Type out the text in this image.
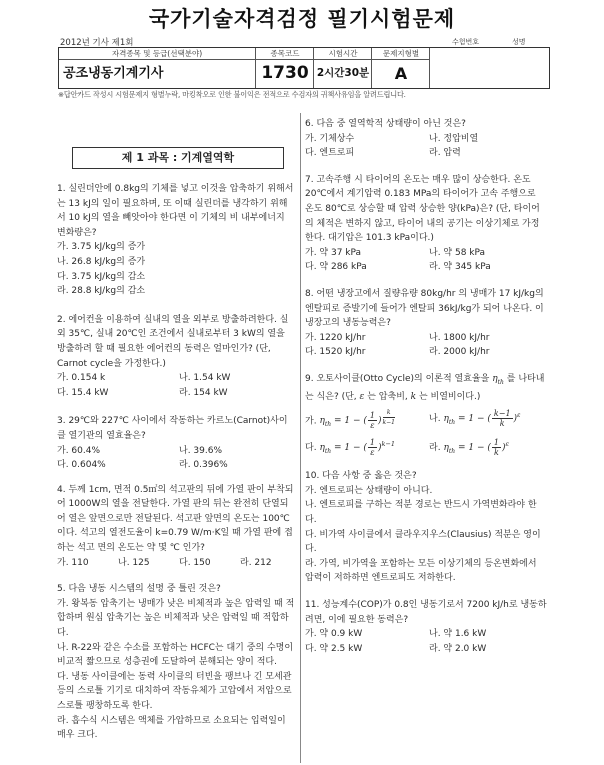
국가기술자격검정 필기시험문제
2012년 기사 제1회	수험번호	성명
자격종목 및 등급(선택분야)
공조냉동기계기사
종목코드
1730
시험시간
2시간30분
문제지형별
A
※답안카드 작성시 시험문제지 형별누락, 마킹착오로 인한 불이익은 전적으로 수검자의 귀책사유임을 알려드립니다.
제 1 과목 : 기계열역학

1. 실린더안에 0.8kg의 기체를 넣고 이것을 압축하기 위해서는 13 kJ의 일이 필요하며, 또 이때 실린더를 냉각하기 위해서 10 kJ의 열을 빼앗아야 한다면 이 기체의 비 내부에너지 변화량은?

가. 3.75 kJ/kg의 증가
나. 26.8 kJ/kg의 증가
다. 3.75 kJ/kg의 감소
라. 28.8 kJ/kg의 감소

2. 에어컨을 이용하여 실내의 열을 외부로 방출하려한다. 실외 35℃, 실내 20℃인 조건에서 실내로부터 3 kW의 열을 방출하려 할 때 필요한 에어컨의 동력은 얼마인가? (단, Carnot cycle을 가정한다.)

가. 0.154 k	나. 1.54 kW
다. 15.4 kW	라. 154 kW

3. 29℃와 227℃ 사이에서 작동하는 카르노(Carnot)사이클 열기관의 열효율은?

가. 60.4%	나. 39.6%
다. 0.604%	라. 0.396%

4. 두께 1cm, 면적 0.5㎡의 석고판의 뒤에 가열 판이 부착되어 1000W의 열을 전달한다. 가열 판의 뒤는 완전히 단열되어 열은 앞면으로만 전달된다. 석고판 앞면의 온도는 100℃이다. 석고의 열전도율이 k=0.79 W/m·K일 때 가열 판에 접하는 석고 면의 온도는 약 몇 ℃ 인가?

가. 110	나. 125	다. 150	라. 212

5. 다음 냉동 시스템의 설명 중 틀린 것은?

가. 왕복동 압축기는 냉매가 낮은 비체적과 높은 압력일 때 적합하며 원심 압축기는 높은 비체적과 낮은 압력일 때 적합하다.
나. R-22와 같은 수소를 포함하는 HCFC는 대기 중의 수명이 비교적 짧으므로 성층권에 도달하여 분해되는 양이 적다.
다. 냉동 사이클에는 동력 사이클의 터빈을 팽브나 긴 모세관 등의 스로틀 기기로 대치하여 작동유체가 고압에서 저압으로 스로틀 팽창하도록 한다.
라. 흡수식 시스템은 액체를 가압하므로 소요되는 입력일이 매우 크다.

6. 다음 중 열역학적 상태량이 아닌 것은?

가. 기체상수	나. 정압비열
다. 엔트로피	라. 압력

7. 고속주행 시 타이어의 온도는 매우 많이 상승한다. 온도 20℃에서 계기압력 0.183 MPa의 타이어가 고속 주행으로 온도 80℃로 상승할 때 압력 상승한 양(kPa)은? (단, 타이어의 체적은 변하지 않고, 타이어 내의 공기는 이상기체로 가정한다. 대기압은 101.3 kPa이다.)

가. 약 37 kPa	나. 약 58 kPa
다. 약 286 kPa	라. 약 345 kPa

8. 어떤 냉장고에서 질량유량 80kg/hr 의 냉매가 17 kJ/kg의 엔탈피로 증발기에 들어가 엔탈피 36kJ/kg가 되어 나온다. 이 냉장고의 냉동능력은?

가. 1220 kJ/hr	나. 1800 kJ/hr
다. 1520 kJ/hr	라. 2000 kJ/hr

9. 오토사이클(Otto Cycle)의 이론적 열효율을 $\eta_{th}$ 를 나타내는 식은? (단, ε 는 압축비, k 는 비열비이다.)

가. $\eta_{th} = 1$ − ( $\frac{1}{\varepsilon}$ ) $^{\frac{k}{k-1}}$	나. $\eta_{th} = 1$ − ( $\frac{k-1}{k} )^\varepsilon$
다. $\eta_{th} = 1$ − ( $\frac{1}{\varepsilon} )^{k-1}$	라. $\eta_{th} = 1$ − ( $\frac{1}{k} )^\varepsilon$

10. 다음 사항 중 옳은 것은?

가. 엔트로피는 상태량이 아니다.
나. 엔트로피를 구하는 적분 경로는 반드시 가역변화라야 한다.
다. 비가역 사이클에서 클라우지우스(Clausius) 적분은 영이다.
라. 가역, 비가역을 포함하는 모든 이상기체의 등온변화에서 압력이 저하하면 엔트로피도 저하한다.

11. 성능계수(COP)가 0.8인 냉동기로서 7200 kJ/h로 냉동하려면, 이에 필요한 동력은?

가. 약 0.9 kW	나. 약 1.6 kW
다. 약 2.5 kW	라. 약 2.0 kW
